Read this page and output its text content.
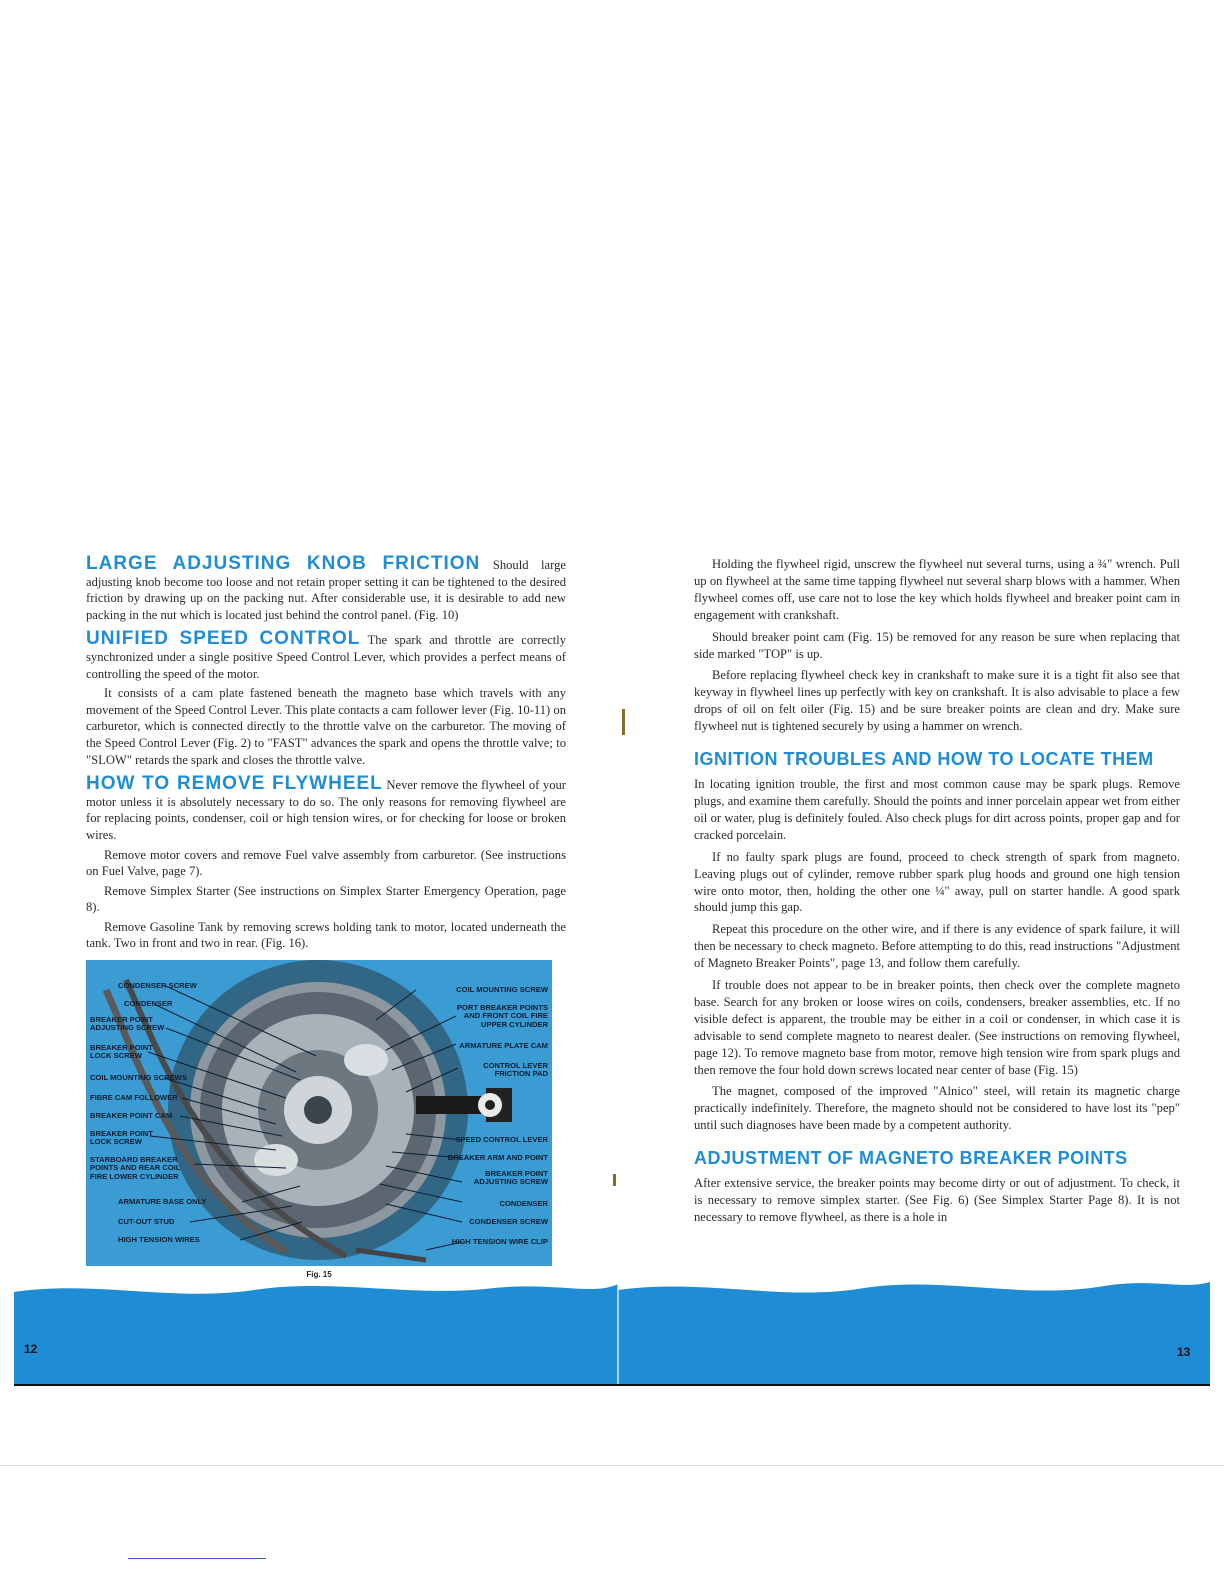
LARGE ADJUSTING KNOB FRICTION Should large adjusting knob become too loose and not retain proper setting it can be tightened to the desired friction by drawing up on the packing nut. After considerable use, it is desirable to add new packing in the nut which is located just behind the control panel. (Fig. 10)

UNIFIED SPEED CONTROL The spark and throttle are correctly synchronized under a single positive Speed Control Lever, which provides a perfect means of controlling the speed of the motor.

It consists of a cam plate fastened beneath the magneto base which travels with any movement of the Speed Control Lever. This plate contacts a cam follower lever (Fig. 10-11) on carburetor, which is connected directly to the throttle valve on the carburetor. The moving of the Speed Control Lever (Fig. 2) to "FAST" advances the spark and opens the throttle valve; to "SLOW" retards the spark and closes the throttle valve.

HOW TO REMOVE FLYWHEEL Never remove the flywheel of your motor unless it is absolutely necessary to do so. The only reasons for removing flywheel are for replacing points, condenser, coil or high tension wires, or for checking for loose or broken wires.

Remove motor covers and remove Fuel valve assembly from carburetor. (See instructions on Fuel Valve, page 7).

Remove Simplex Starter (See instructions on Simplex Starter Emergency Operation, page 8).

Remove Gasoline Tank by removing screws holding tank to motor, located underneath the tank. Two in front and two in rear. (Fig. 16).

CONDENSER SCREW
CONDENSER
BREAKER POINT ADJUSTING SCREW
BREAKER POINT LOCK SCREW
COIL MOUNTING SCREWS
FIBRE CAM FOLLOWER
BREAKER POINT CAM
BREAKER POINT LOCK SCREW
STARBOARD BREAKER POINTS AND REAR COIL FIRE LOWER CYLINDER
ARMATURE BASE ONLY
CUT-OUT STUD
HIGH TENSION WIRES
COIL MOUNTING SCREW
PORT BREAKER POINTS AND FRONT COIL FIRE UPPER CYLINDER
ARMATURE PLATE CAM
CONTROL LEVER FRICTION PAD
SPEED CONTROL LEVER
BREAKER ARM AND POINT
BREAKER POINT ADJUSTING SCREW
CONDENSER
CONDENSER SCREW
HIGH TENSION WIRE CLIP
Fig. 15

Holding the flywheel rigid, unscrew the flywheel nut several turns, using a ¾" wrench. Pull up on flywheel at the same time tapping flywheel nut several sharp blows with a hammer. When flywheel comes off, use care not to lose the key which holds flywheel and breaker point cam in engagement with crankshaft.

Should breaker point cam (Fig. 15) be removed for any reason be sure when replacing that side marked "TOP" is up.

Before replacing flywheel check key in crankshaft to make sure it is a tight fit also see that keyway in flywheel lines up perfectly with key on crankshaft. It is also advisable to place a few drops of oil on felt oiler (Fig. 15) and be sure breaker points are clean and dry. Make sure flywheel nut is tightened securely by using a hammer on wrench.

IGNITION TROUBLES AND HOW TO LOCATE THEM

In locating ignition trouble, the first and most common cause may be spark plugs. Remove plugs, and examine them carefully. Should the points and inner porcelain appear wet from either oil or water, plug is definitely fouled. Also check plugs for dirt across points, proper gap and for cracked porcelain.

If no faulty spark plugs are found, proceed to check strength of spark from magneto. Leaving plugs out of cylinder, remove rubber spark plug hoods and ground one high tension wire onto motor, then, holding the other one ¼" away, pull on starter handle. A good spark should jump this gap.

Repeat this procedure on the other wire, and if there is any evidence of spark failure, it will then be necessary to check magneto. Before attempting to do this, read instructions "Adjustment of Magneto Breaker Points", page 13, and follow them carefully.

If trouble does not appear to be in breaker points, then check over the complete magneto base. Search for any broken or loose wires on coils, condensers, breaker assemblies, etc. If no visible defect is apparent, the trouble may be either in a coil or condenser, in which case it is advisable to send complete magneto to nearest dealer. (See instructions on removing flywheel, page 12). To remove magneto base from motor, remove high tension wire from spark plugs and then remove the four hold down screws located near center of base (Fig. 15)

The magnet, composed of the improved "Alnico" steel, will retain its magnetic charge practically indefinitely. Therefore, the magneto should not be considered to have lost its "pep" until such diagnoses have been made by a competent authority.

ADJUSTMENT OF MAGNETO BREAKER POINTS

After extensive service, the breaker points may become dirty or out of adjustment. To check, it is necessary to remove simplex starter. (See Fig. 6) (See Simplex Starter Page 8). It is not necessary to remove flywheel, as there is a hole in

12	13
